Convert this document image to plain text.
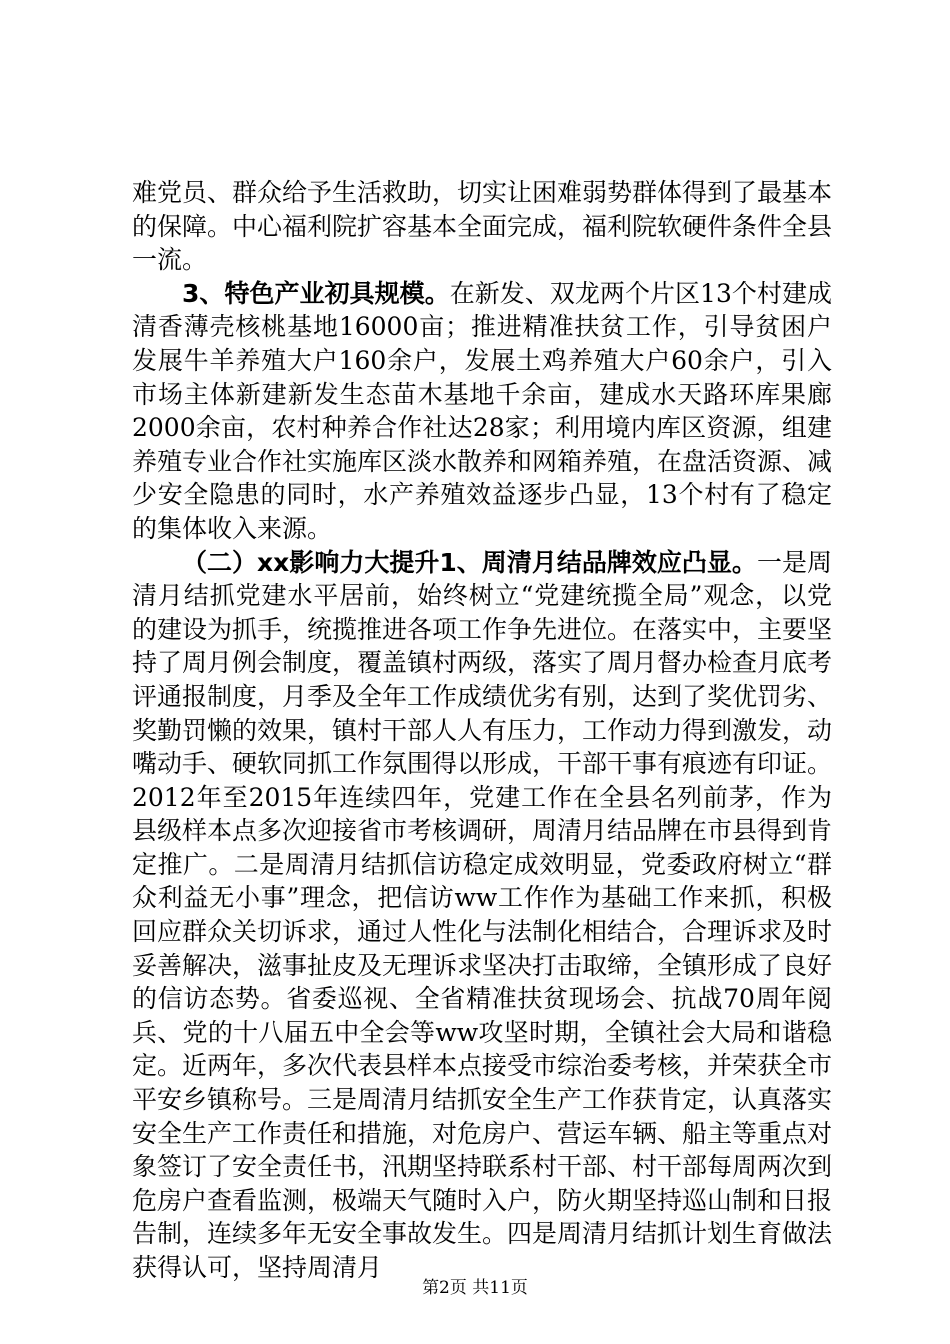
难党员、群众给予生活救助，切实让困难弱势群体得到了最基本的保障。中心福利院扩容基本全面完成，福利院软硬件条件全县一流。

3、特色产业初具规模。在新发、双龙两个片区13个村建成清香薄壳核桃基地16000亩；推进精准扶贫工作，引导贫困户发展牛羊养殖大户160余户，发展土鸡养殖大户60余户，引入市场主体新建新发生态苗木基地千余亩，建成水天路环库果廊2000余亩，农村种养合作社达28家；利用境内库区资源，组建养殖专业合作社实施库区淡水散养和网箱养殖，在盘活资源、减少安全隐患的同时，水产养殖效益逐步凸显，13个村有了稳定的集体收入来源。

（二）xx影响力大提升1、周清月结品牌效应凸显。一是周清月结抓党建水平居前，始终树立“党建统揽全局”观念，以党的建设为抓手，统揽推进各项工作争先进位。在落实中，主要坚持了周月例会制度，覆盖镇村两级，落实了周月督办检查月底考评通报制度，月季及全年工作成绩优劣有别，达到了奖优罚劣、奖勤罚懒的效果，镇村干部人人有压力，工作动力得到激发，动嘴动手、硬软同抓工作氛围得以形成，干部干事有痕迹有印证。2012年至2015年连续四年，党建工作在全县名列前茅，作为县级样本点多次迎接省市考核调研，周清月结品牌在市县得到肯定推广。二是周清月结抓信访稳定成效明显，党委政府树立“群众利益无小事”理念，把信访ww工作作为基础工作来抓，积极回应群众关切诉求，通过人性化与法制化相结合，合理诉求及时妥善解决，滋事扯皮及无理诉求坚决打击取缔，全镇形成了良好的信访态势。省委巡视、全省精准扶贫现场会、抗战70周年阅兵、党的十八届五中全会等ww攻坚时期，全镇社会大局和谐稳定。近两年，多次代表县样本点接受市综治委考核，并荣获全市平安乡镇称号。三是周清月结抓安全生产工作获肯定，认真落实安全生产工作责任和措施，对危房户、营运车辆、船主等重点对象签订了安全责任书，汛期坚持联系村干部、村干部每周两次到危房户查看监测，极端天气随时入户，防火期坚持巡山制和日报告制，连续多年无安全事故发生。四是周清月结抓计划生育做法获得认可，坚持周清月

第2页 共11页
